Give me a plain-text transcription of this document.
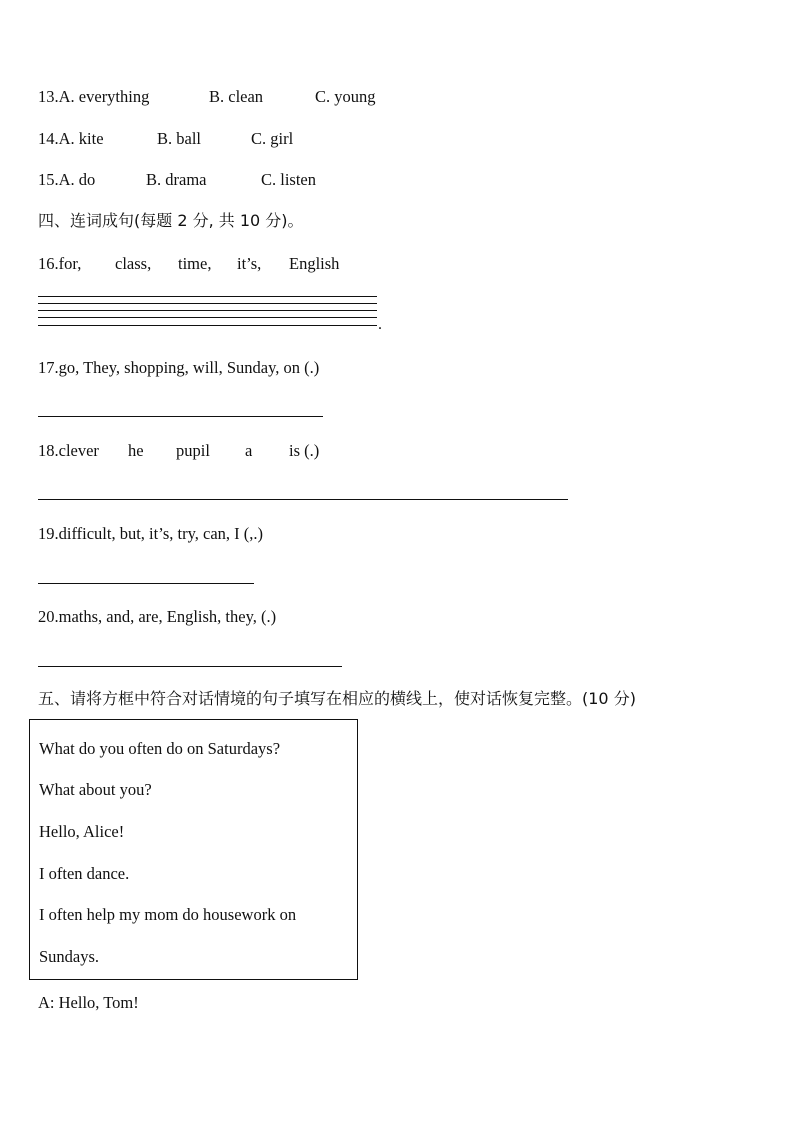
13.A. everything	B. clean	C. young
14.A. kite	B. ball	C. girl
15.A. do	B. drama	C. listen
四、连词成句(每题 2 分, 共 10 分)。
16.for, class, time, it’s, English
.
17.go, They, shopping, will, Sunday, on (.)
18.clever he pupil a is (.)
19.difficult, but, it’s, try, can, I (,.)
20.maths, and, are, English, they, (.)
五、请将方框中符合对话情境的句子填写在相应的横线上，使对话恢复完整。(10 分)
What do you often do on Saturdays?
What about you?
Hello, Alice!
I often dance.
I often help my mom do housework on
Sundays.
A: Hello, Tom!
